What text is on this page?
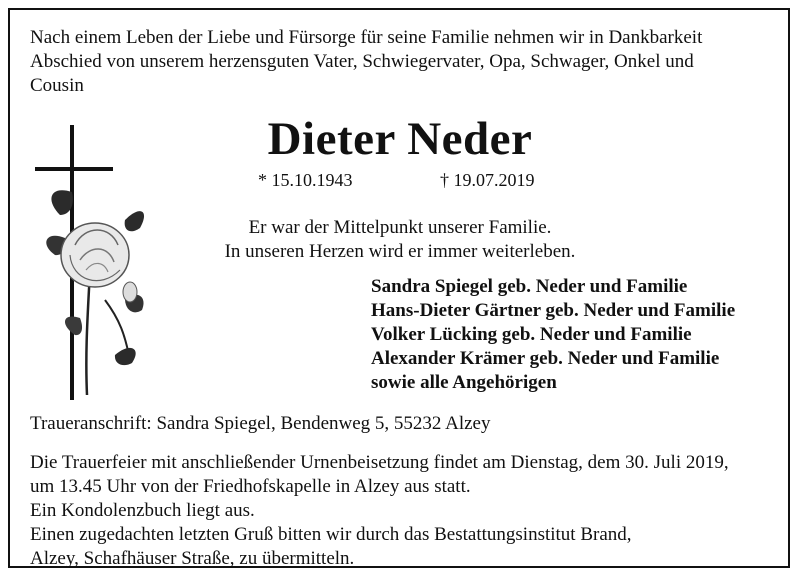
Nach einem Leben der Liebe und Fürsorge für seine Familie nehmen wir in Dankbarkeit
Abschied von unserem herzensguten Vater, Schwiegervater, Opa, Schwager, Onkel und
Cousin
Dieter Neder
* 15.10.1943	† 19.07.2019
Er war der Mittelpunkt unserer Familie.
In unseren Herzen wird er immer weiterleben.
Sandra Spiegel geb. Neder und Familie
Hans-Dieter Gärtner geb. Neder und Familie
Volker Lücking geb. Neder und Familie
Alexander Krämer geb. Neder und Familie
sowie alle Angehörigen
Traueranschrift: Sandra Spiegel, Bendenweg 5, 55232 Alzey
Die Trauerfeier mit anschließender Urnenbeisetzung findet am Dienstag, dem 30. Juli 2019,
um 13.45 Uhr von der Friedhofskapelle in Alzey aus statt.
Ein Kondolenzbuch liegt aus.
Einen zugedachten letzten Gruß bitten wir durch das Bestattungsinstitut Brand,
Alzey, Schafhäuser Straße, zu übermitteln.
